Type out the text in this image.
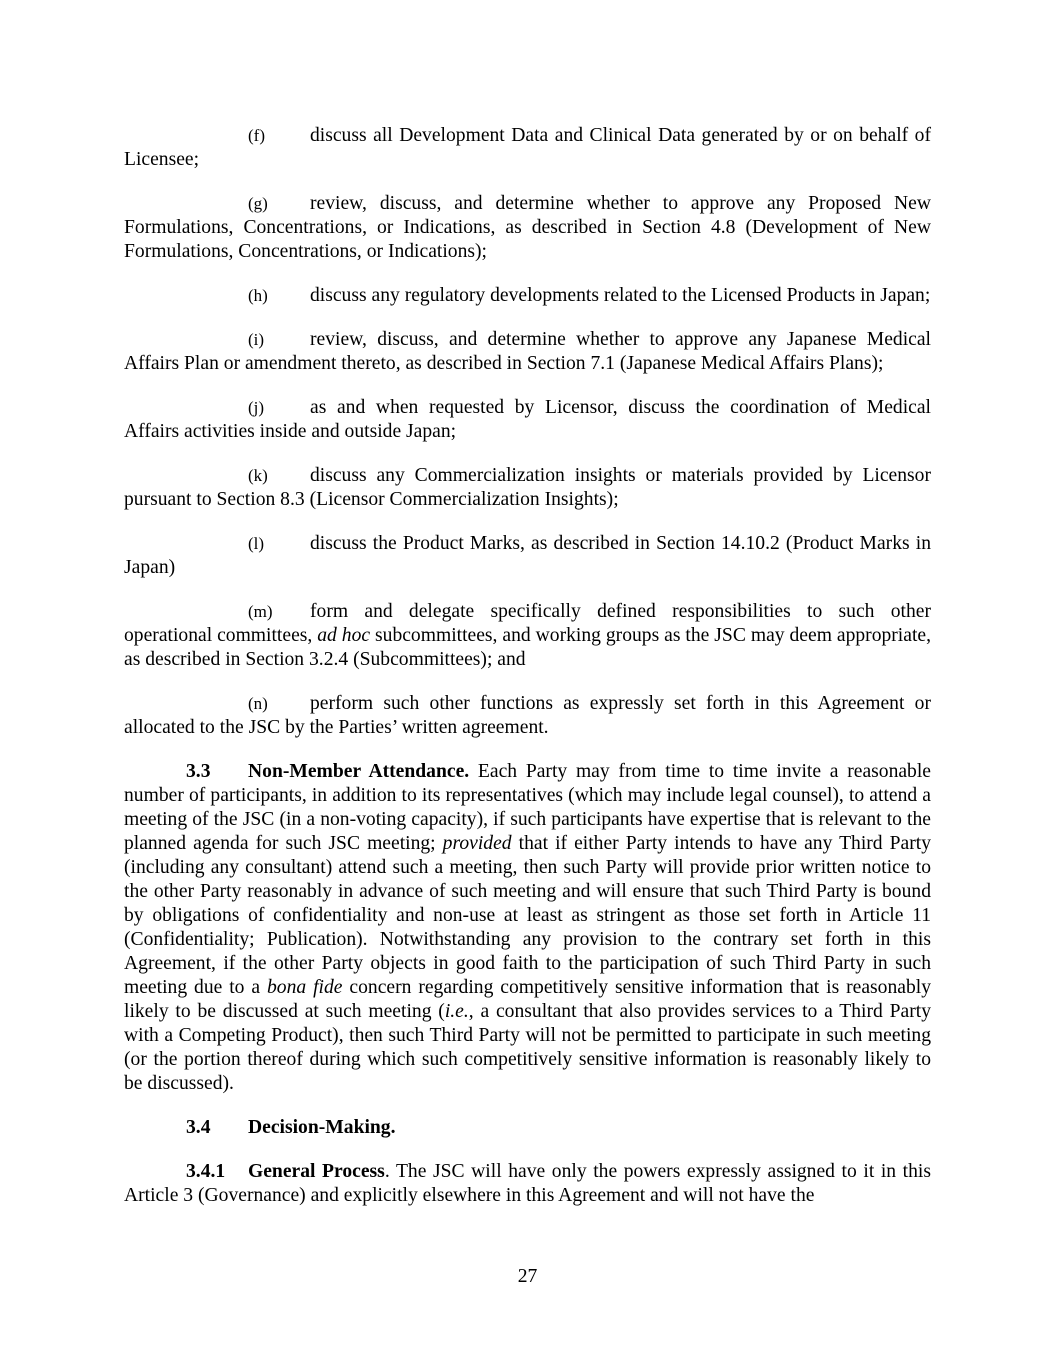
(f) discuss all Development Data and Clinical Data generated by or on behalf of Licensee;

(g) review, discuss, and determine whether to approve any Proposed New Formulations, Concentrations, or Indications, as described in Section 4.8 (Development of New Formulations, Concentrations, or Indications);

(h) discuss any regulatory developments related to the Licensed Products in Japan;

(i) review, discuss, and determine whether to approve any Japanese Medical Affairs Plan or amendment thereto, as described in Section 7.1 (Japanese Medical Affairs Plans);

(j) as and when requested by Licensor, discuss the coordination of Medical Affairs activities inside and outside Japan;

(k) discuss any Commercialization insights or materials provided by Licensor pursuant to Section 8.3 (Licensor Commercialization Insights);

(l) discuss the Product Marks, as described in Section 14.10.2 (Product Marks in Japan)

(m) form and delegate specifically defined responsibilities to such other operational committees, ad hoc subcommittees, and working groups as the JSC may deem appropriate, as described in Section 3.2.4 (Subcommittees); and

(n) perform such other functions as expressly set forth in this Agreement or allocated to the JSC by the Parties’ written agreement.

3.3 Non-Member Attendance. Each Party may from time to time invite a reasonable number of participants, in addition to its representatives (which may include legal counsel), to attend a meeting of the JSC (in a non-voting capacity), if such participants have expertise that is relevant to the planned agenda for such JSC meeting; provided that if either Party intends to have any Third Party (including any consultant) attend such a meeting, then such Party will provide prior written notice to the other Party reasonably in advance of such meeting and will ensure that such Third Party is bound by obligations of confidentiality and non-use at least as stringent as those set forth in Article 11 (Confidentiality; Publication). Notwithstanding any provision to the contrary set forth in this Agreement, if the other Party objects in good faith to the participation of such Third Party in such meeting due to a bona fide concern regarding competitively sensitive information that is reasonably likely to be discussed at such meeting (i.e., a consultant that also provides services to a Third Party with a Competing Product), then such Third Party will not be permitted to participate in such meeting (or the portion thereof during which such competitively sensitive information is reasonably likely to be discussed).

3.4 Decision-Making.

3.4.1 General Process. The JSC will have only the powers expressly assigned to it in this Article 3 (Governance) and explicitly elsewhere in this Agreement and will not have the

27
